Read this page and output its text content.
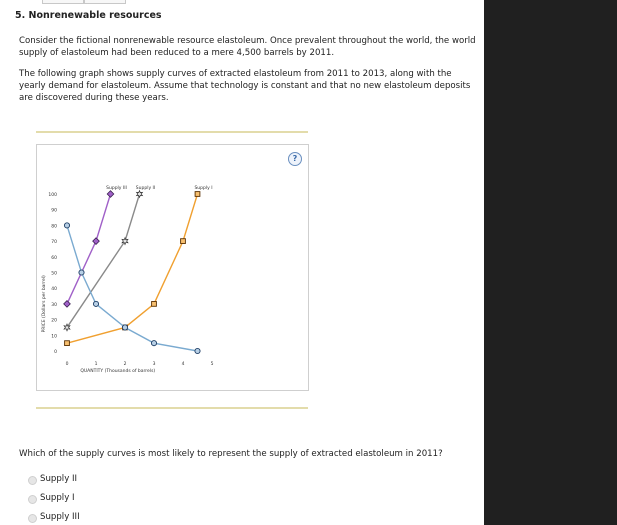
5. Nonrenewable resources
Consider the fictional nonrenewable resource elastoleum. Once prevalent throughout the world, the world supply of elastoleum had been reduced to a mere 4,500 barrels by 2011.
The following graph shows supply curves of extracted elastoleum from 2011 to 2013, along with the yearly demand for elastoleum. Assume that technology is constant and that no new elastoleum deposits are discovered during these years.
0
10
20
30
40
50
60
70
80
90
100
0	1	2	3	4	5
QUANTITY (Thousands of barrels)
PRICE (Dollars per barrel)
Supply III Supply II	Supply I
?
Which of the supply curves is most likely to represent the supply of extracted elastoleum in 2011?
Supply II
Supply I
Supply III
